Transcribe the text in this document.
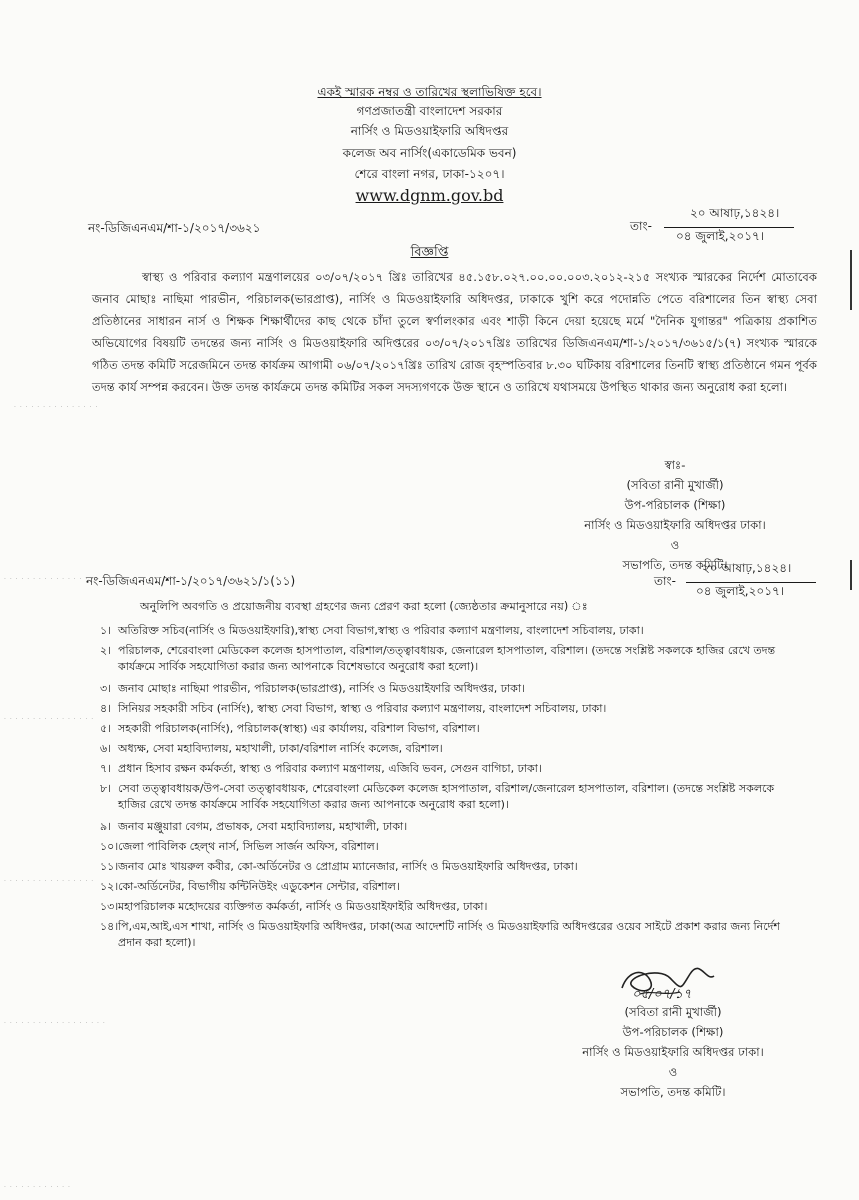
· · · · · · · · · · · · · · ·
· · · · · · · · · · · · · · · · ·
· · · · · · · · · · · · · · · ·
· · · · · · · · · · · · · · · ·
· · · · · · · · · · · · · · · · · ·
· · · · · · · · · · · ·
একই স্মারক নম্বর ও তারিখের স্থলাভিষিক্ত হবে।
গণপ্রজাতন্ত্রী বাংলাদেশ সরকার
নার্সিং ও মিডওয়াইফারি অধিদপ্তর
কলেজ অব নার্সিং(একাডেমিক ভবন)
শেরে বাংলা নগর, ঢাকা-১২০৭।
www.dgnm.gov.bd
নং-ডিজিএনএম/শা-১/২০১৭/৩৬২১	তাং-
২০ আষাঢ়,১৪২৪।
০৪ জুলাই,২০১৭।
বিজ্ঞপ্তি
স্বাস্থ্য ও পরিবার কল্যাণ মন্ত্রণালয়ের ০৩/০৭/২০১৭ খ্রিঃ তারিখের ৪৫.১৫৮.০২৭.০০.০০.০০৩.২০১২-২১৫ সংখ্যক স্মারকের নির্দেশ মোতাবেক জনাব মোছাঃ নাছিমা পারভীন, পরিচালক(ভারপ্রাপ্ত), নার্সিং ও মিডওয়াইফারি অধিদপ্তর, ঢাকাকে খুশি করে পদোন্নতি পেতে বরিশালের তিন স্বাস্থ্য সেবা প্রতিষ্ঠানের সাধারন নার্স ও শিক্ষক শিক্ষার্থীদের কাছ থেকে চাঁদা তুলে স্বর্ণালংকার এবং শাড়ী কিনে দেয়া হয়েছে মর্মে "দৈনিক যুগান্তর" পত্রিকায় প্রকাশিত অভিযোগের বিষয়টি তদন্তের জন্য নার্সিং ও মিডওয়াইফারি অদিপ্তরের ০৩/০৭/২০১৭খ্রিঃ তারিখের ডিজিএনএম/শা-১/২০১৭/৩৬১৫/১(৭) সংখ্যক স্মারকে গঠিত তদন্ত কমিটি সরেজমিনে তদন্ত কার্যক্রম আগামী ০৬/০৭/২০১৭খ্রিঃ তারিখ রোজ বৃহস্পতিবার ৮.৩০ ঘটিকায় বরিশালের তিনটি স্বাস্থ্য প্রতিষ্ঠানে গমন পূর্বক তদন্ত কার্য সম্পন্ন করবেন। উক্ত তদন্ত কার্যক্রমে তদন্ত কমিটির সকল সদস্যগণকে উক্ত স্থানে ও তারিখে যথাসময়ে উপস্থিত থাকার জন্য অনুরোধ করা হলো।
স্বাঃ-
(সবিতা রানী মুখার্জী)
উপ-পরিচালক (শিক্ষা)
নার্সিং ও মিডওয়াইফারি অধিদপ্তর ঢাকা।
ও
সভাপতি, তদন্ত কমিটি।
নং-ডিজিএনএম/শা-১/২০১৭/৩৬২১/১(১১)	তাং-
২০ আষাঢ়,১৪২৪।
০৪ জুলাই,২০১৭।
অনুলিপি অবগতি ও প্রয়োজনীয় ব্যবস্থা গ্রহণের জন্য প্রেরণ করা হলো (জ্যেষ্ঠতার ক্রমানুসারে নয়) ঃ
১। অতিরিক্ত সচিব(নার্সিং ও মিডওয়াইফারি),স্বাস্থ্য সেবা বিভাগ,স্বাস্থ্য ও পরিবার কল্যাণ মন্ত্রণালয়, বাংলাদেশ সচিবালয়, ঢাকা।
২। পরিচালক, শেরেবাংলা মেডিকেল কলেজ হাসপাতাল, বরিশাল/তত্ত্বাবধায়ক, জেনারেল হাসপাতাল, বরিশাল। (তদন্তে সংশ্লিষ্ট সকলকে হাজির রেখে তদন্ত কার্যক্রমে সার্বিক সহযোগিতা করার জন্য আপনাকে বিশেষভাবে অনুরোধ করা হলো)।
৩। জনাব মোছাঃ নাছিমা পারভীন, পরিচালক(ভারপ্রাপ্ত), নার্সিং ও মিডওয়াইফারি অধিদপ্তর, ঢাকা।
৪। সিনিয়র সহকারী সচিব (নার্সিং), স্বাস্থ্য সেবা বিভাগ, স্বাস্থ্য ও পরিবার কল্যাণ মন্ত্রণালয়, বাংলাদেশ সচিবালয়, ঢাকা।
৫। সহকারী পরিচালক(নার্সিং), পরিচালক(স্বাস্থ্য) এর কার্যালয়, বরিশাল বিভাগ, বরিশাল।
৬। অধ্যক্ষ, সেবা মহাবিদ্যালয়, মহাখালী, ঢাকা/বরিশাল নার্সিং কলেজ, বরিশাল।
৭। প্রধান হিসাব রক্ষন কর্মকর্তা, স্বাস্থ্য ও পরিবার কল্যাণ মন্ত্রণালয়, এজিবি ভবন, সেগুন বাগিচা, ঢাকা।
৮। সেবা তত্ত্বাবধায়ক/উপ-সেবা তত্ত্বাবধায়ক, শেরেবাংলা মেডিকেল কলেজ হাসপাতাল, বরিশাল/জেনারেল হাসপাতাল, বরিশাল। (তদন্তে সংশ্লিষ্ট সকলকে হাজির রেখে তদন্ত কার্যক্রমে সার্বিক সহযোগিতা করার জন্য আপনাকে অনুরোধ করা হলো)।
৯। জনাব মঞ্জুয়ারা বেগম, প্রভাষক, সেবা মহাবিদ্যালয়, মহাখালী, ঢাকা।
১০। জেলা পাবিলিক হেল্থ নার্স, সিভিল সার্জন অফিস, বরিশাল।
১১। জনাব মোঃ খায়রুল কবীর, কো-অর্ডিনেটর ও প্রোগ্রাম ম্যানেজার, নার্সিং ও মিডওয়াইফারি অধিদপ্তর, ঢাকা।
১২। কো-অর্ডিনেটর, বিভাগীয় কন্টিনিউইং এডুকেশন সেন্টার, বরিশাল।
১৩। মহাপরিচালক মহোদয়ের ব্যক্তিগত কর্মকর্তা, নার্সিং ও মিডওয়াইফাইরি অধিদপ্তর, ঢাকা।
১৪। পি,এম,আই,এস শাখা, নার্সিং ও মিডওয়াইফারি অধিদপ্তর, ঢাকা(অত্র আদেশটি নার্সিং ও মিডওয়াইফারি অধিদপ্তরের ওয়েব সাইটে প্রকাশ করার জন্য নির্দেশ প্রদান করা হলো)।
০৫/০৭/১৭
(সবিতা রানী মুখার্জী)
উপ-পরিচালক (শিক্ষা)
নার্সিং ও মিডওয়াইফারি অধিদপ্তর ঢাকা।
ও
সভাপতি, তদন্ত কমিটি।
